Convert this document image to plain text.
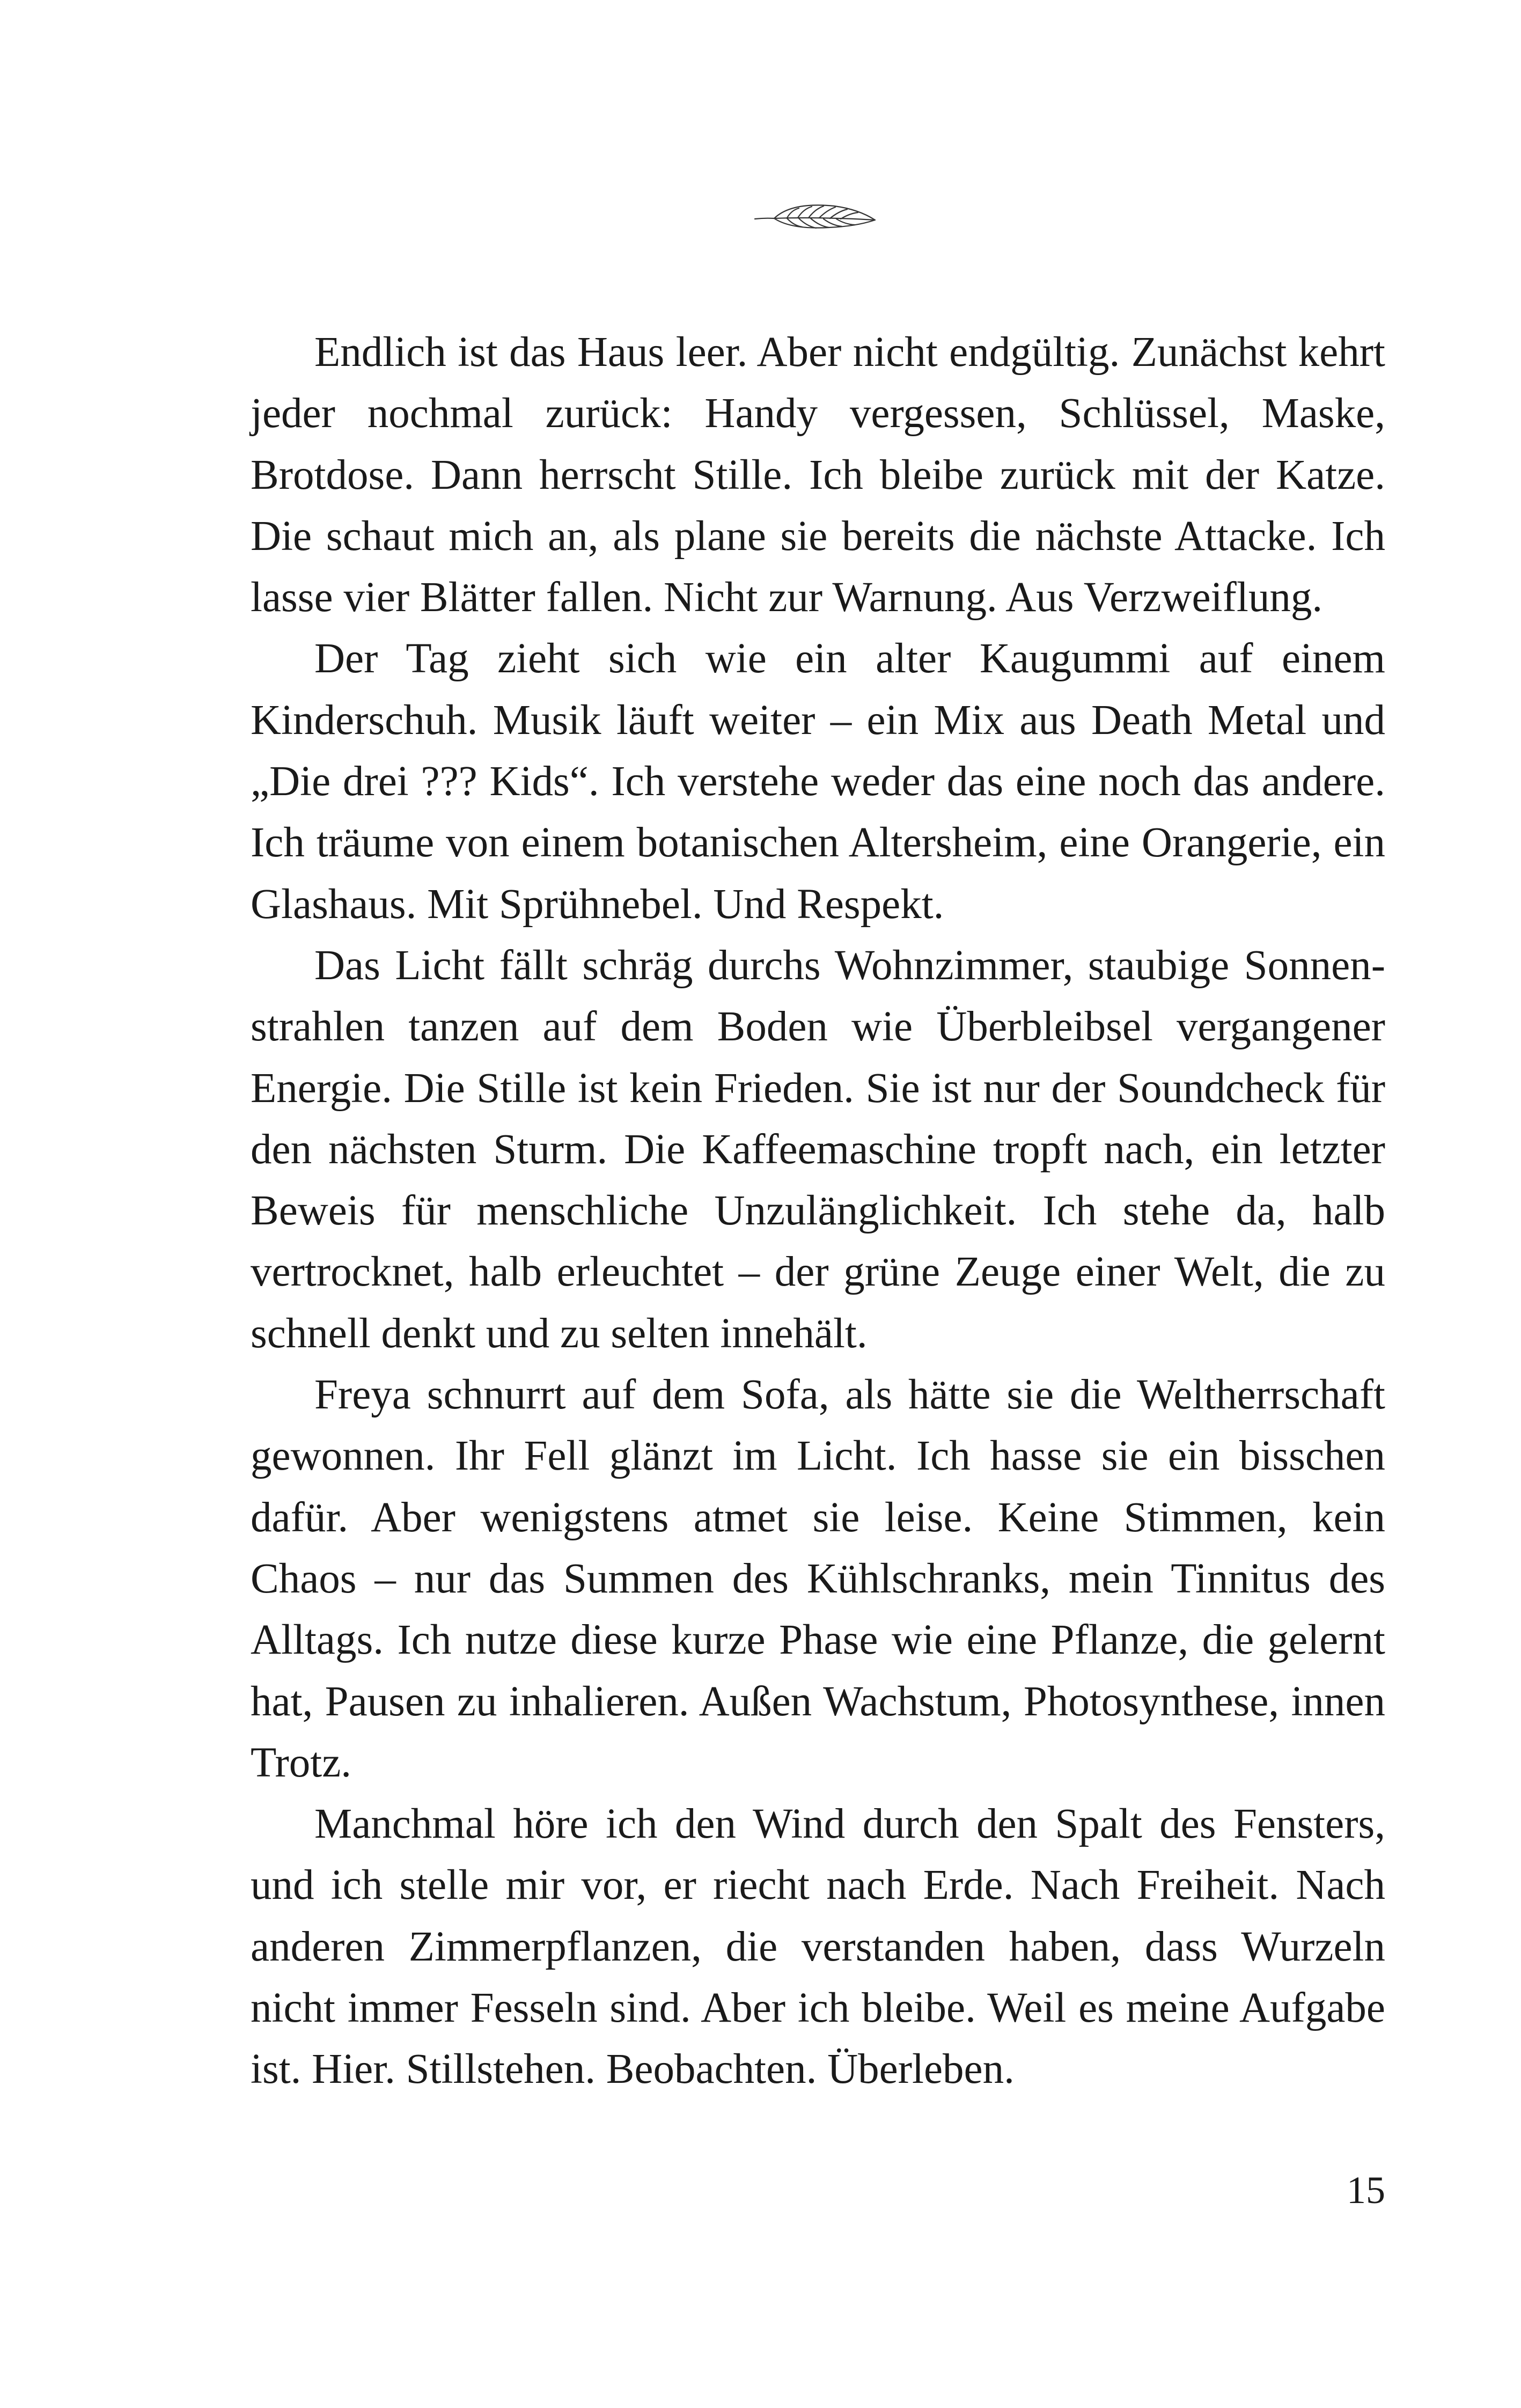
Endlich ist das Haus leer. Aber nicht endgültig. Zunächst kehrt jeder nochmal zurück: Handy vergessen, Schlüssel, Maske, Brotdose. Dann herrscht Stille. Ich bleibe zurück mit der Katze. Die schaut mich an, als plane sie bereits die nächste Attacke. Ich lasse vier Blätter fallen. Nicht zur Warnung. Aus Verzweiflung.

Der Tag zieht sich wie ein alter Kaugummi auf einem Kinderschuh. Musik läuft weiter – ein Mix aus Death Metal und „Die drei ??? Kids“. Ich verstehe weder das eine noch das andere. Ich träume von einem botanischen Altersheim, eine Orangerie, ein Glashaus. Mit Sprühnebel. Und Respekt.

Das Licht fällt schräg durchs Wohnzimmer, staubige Sonnenstrahlen tanzen auf dem Boden wie Überbleibsel vergangener Energie. Die Stille ist kein Frieden. Sie ist nur der Soundcheck für den nächsten Sturm. Die Kaffeemaschine tropft nach, ein letzter Beweis für menschliche Unzulänglichkeit. Ich stehe da, halb vertrocknet, halb erleuchtet – der grüne Zeuge einer Welt, die zu schnell denkt und zu selten innehält.

Freya schnurrt auf dem Sofa, als hätte sie die Weltherrschaft gewonnen. Ihr Fell glänzt im Licht. Ich hasse sie ein bisschen dafür. Aber wenigstens atmet sie leise. Keine Stimmen, kein Chaos – nur das Summen des Kühlschranks, mein Tinnitus des Alltags. Ich nutze diese kurze Phase wie eine Pflanze, die gelernt hat, Pausen zu inhalieren. Außen Wachstum, Photosynthese, innen Trotz.

Manchmal höre ich den Wind durch den Spalt des Fensters, und ich stelle mir vor, er riecht nach Erde. Nach Freiheit. Nach anderen Zimmerpflanzen, die verstanden haben, dass Wurzeln nicht immer Fesseln sind. Aber ich bleibe. Weil es meine Aufgabe ist. Hier. Stillstehen. Beobachten. Überleben.

15
